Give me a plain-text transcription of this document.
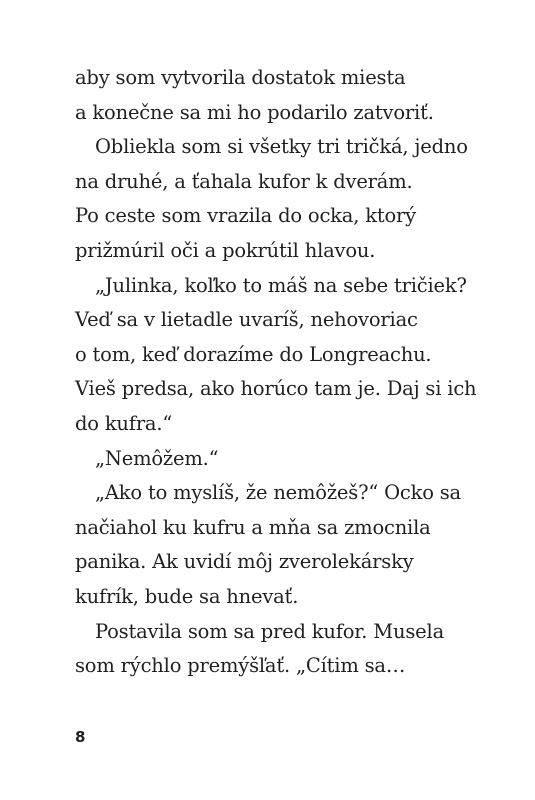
aby som vytvorila dostatok miesta
a konečne sa mi ho podarilo zatvoriť.
Obliekla som si všetky tri tričká, jedno
na druhé, a ťahala kufor k dverám.
Po ceste som vrazila do ocka, ktorý
prižmúril oči a pokrútil hlavou.
„Julinka, koľko to máš na sebe tričiek?
Veď sa v lietadle uvaríš, nehovoriac
o tom, keď dorazíme do Longreachu.
Vieš predsa, ako horúco tam je. Daj si ich
do kufra.“
„Nemôžem.“
„Ako to myslíš, že nemôžeš?“ Ocko sa
načiahol ku kufru a mňa sa zmocnila
panika. Ak uvidí môj zverolekársky
kufrík, bude sa hnevať.
Postavila som sa pred kufor. Musela
som rýchlo premýšľať. „Cítim sa…
8
